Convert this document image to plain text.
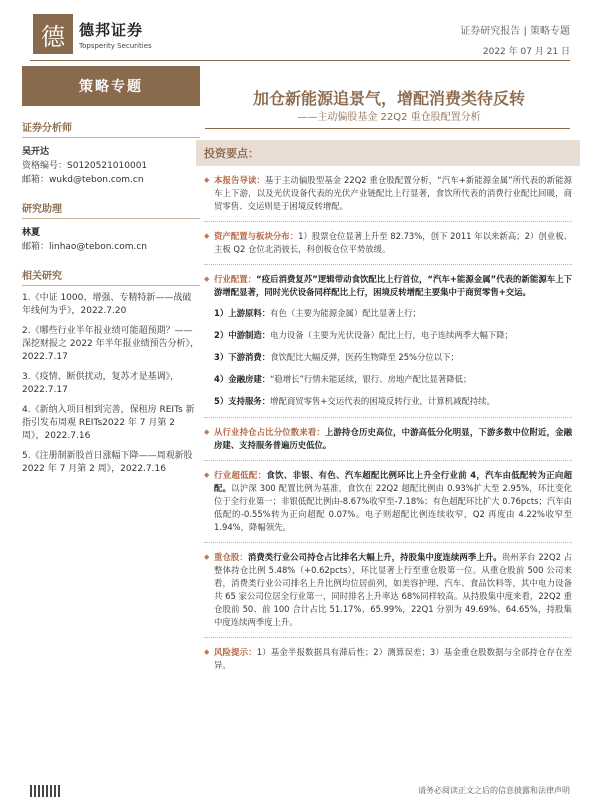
德 德邦证券
Topsperity Securities
证券研究报告 | 策略专题
2022 年 07 月 21 日
策略专题
加仓新能源追景气，增配消费类待反转
——主动偏股基金 22Q2 重仓股配置分析
证券分析师
吴开达
资格编号：S0120521010001
邮箱：wukd@tebon.com.cn
研究助理
林夏
邮箱：linhao@tebon.com.cn
相关研究
1.《中证 1000、增强、专精特新——战破年线何为乎》，2022.7.20
2.《哪些行业半年报业绩可能超预期？——深挖财报之 2022 年半年报业绩预告分析》，2022.7.17
3.《疫情、断供扰动，复苏才是基调》，2022.7.17
4.《新纳入项目相到完善，保租房 REITs 新指引发布周观 REITs2022 年 7 月第 2 周》，2022.7.16
5.《注册制新股首日涨幅下降——周观新股 2022 年 7 月第 2 周》，2022.7.16
投资要点：
◆ 本报告导读：基于主动偏股型基金 22Q2 重仓股配置分析，“汽车+新能源金属”所代表的新能源车上下游，以及光伏设备代表的光伏产业链配比上行显著，食饮所代表的消费行业配比回暖，商贸零售、交运则是于困境反转增配。
◆ 资产配置与板块分布：1）股票仓位显著上升至 82.73%，创下 2011 年以来新高；2）创业板、主板 Q2 仓位北消彼长，科创板仓位平势放缓。
◆ 行业配置：“疫后消费复苏”逻辑带动食饮配比上行首位，“汽车+能源金属”代表的新能源车上下游增配显著，同时光伏设备同样配比上行，困境反转增配主要集中于商贸零售+交运。
1）上游原料：有色（主要为能源金属）配比显著上行；
2）中游制造：电力设备（主要为光伏设备）配比上行，电子连续两季大幅下降；
3）下游消费：食饮配比大幅反弹，医药生物降至 25%分位以下；
4）金融房建：“稳增长”行情未能延续，银行、房地产配比显著降低；
5）支持服务：增配商贸零售+交运代表的困境反转行业，计算机减配持续。
◆ 从行业持仓占比分位数来看：上游持仓历史高位，中游高低分化明显，下游多数中位附近，金融房建、支持服务普遍历史低位。
◆ 行业超低配：食饮、非银、有色、汽车超配比例环比上升全行业前 4，汽车由低配转为正向超配。以沪深 300 配置比例为基准，食饮在 22Q2 超配比例由 0.93%扩大至 2.95%，环比变化位于全行业第一；非银低配比例由-8.67%收窄至-7.18%；有色超配环比扩大 0.76pcts；汽车由低配的-0.55%转为正向超配 0.07%。电子则超配比例连续收窄，Q2 再度由 4.22%收窄至 1.94%，降幅领先。
◆ 重仓股：消费类行业公司持仓占比排名大幅上升，持股集中度连续两季上升。贵州茅台 22Q2 占整体持仓比例 5.48%（+0.62pcts），环比显著上行至重仓股第一位。从重仓股前 500 公司来看，消费类行业公司排名上升比例均位居前列，如美容护理、汽车、食品饮料等，其中电力设备共 65 家公司位居全行业第一，同时排名上升率达 68%同样较高。从持股集中度来看，22Q2 重仓股前 50、前 100 合计占比 51.17%、65.99%，22Q1 分别为 49.69%、64.65%，持股集中度连续两季度上升。
◆ 风险提示：1）基金半报数据具有滞后性；2）测算误差；3）基金重仓股数据与全部持仓存在差异。
请务必阅读正文之后的信息披露和法律声明
